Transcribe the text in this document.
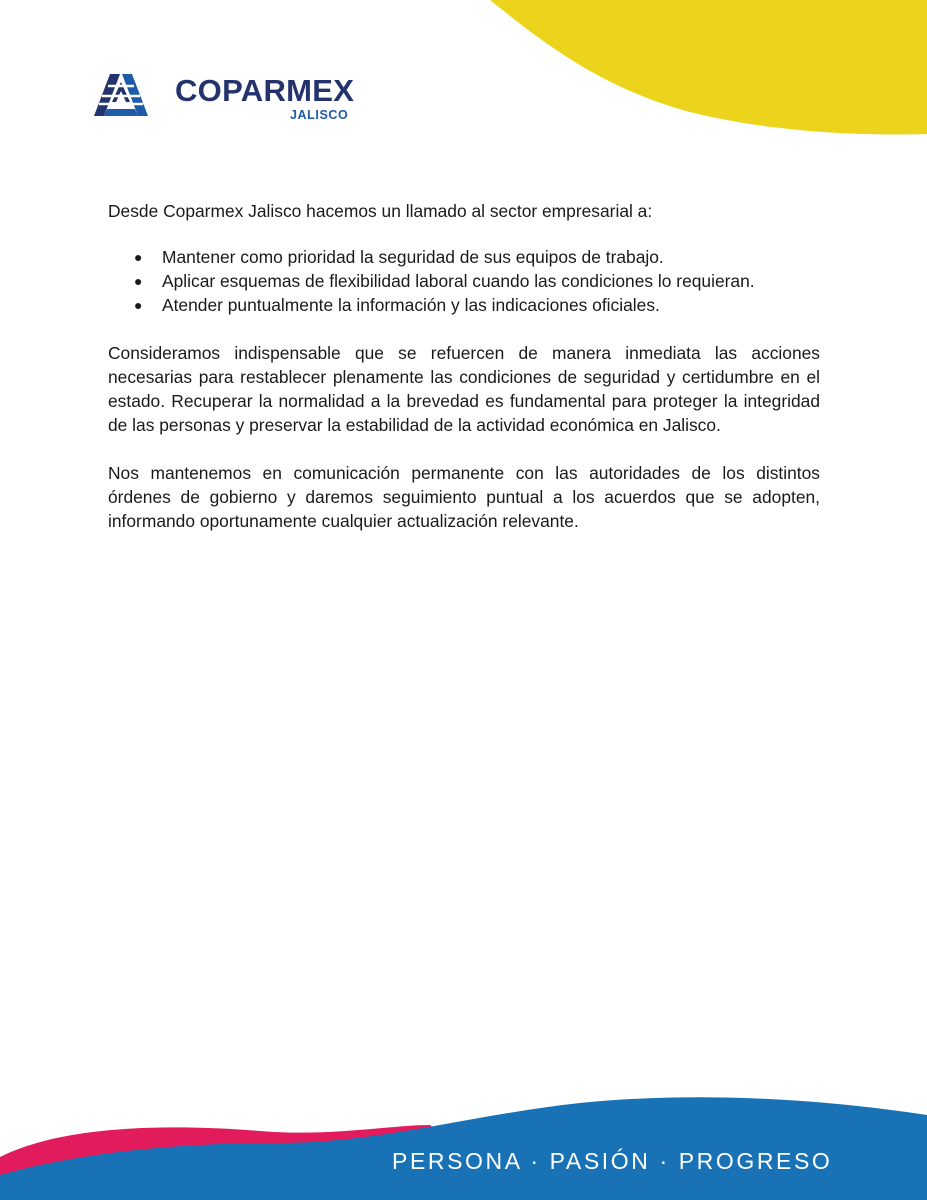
COPARMEX
JALISCO

Desde Coparmex Jalisco hacemos un llamado al sector empresarial a:

● Mantener como prioridad la seguridad de sus equipos de trabajo.
● Aplicar esquemas de flexibilidad laboral cuando las condiciones lo requieran.
● Atender puntualmente la información y las indicaciones oficiales.

Consideramos indispensable que se refuercen de manera inmediata las acciones necesarias para restablecer plenamente las condiciones de seguridad y certidumbre en el estado. Recuperar la normalidad a la brevedad es fundamental para proteger la integridad de las personas y preservar la estabilidad de la actividad económica en Jalisco.

Nos mantenemos en comunicación permanente con las autoridades de los distintos órdenes de gobierno y daremos seguimiento puntual a los acuerdos que se adopten, informando oportunamente cualquier actualización relevante.

PERSONA · PASIÓN · PROGRESO
